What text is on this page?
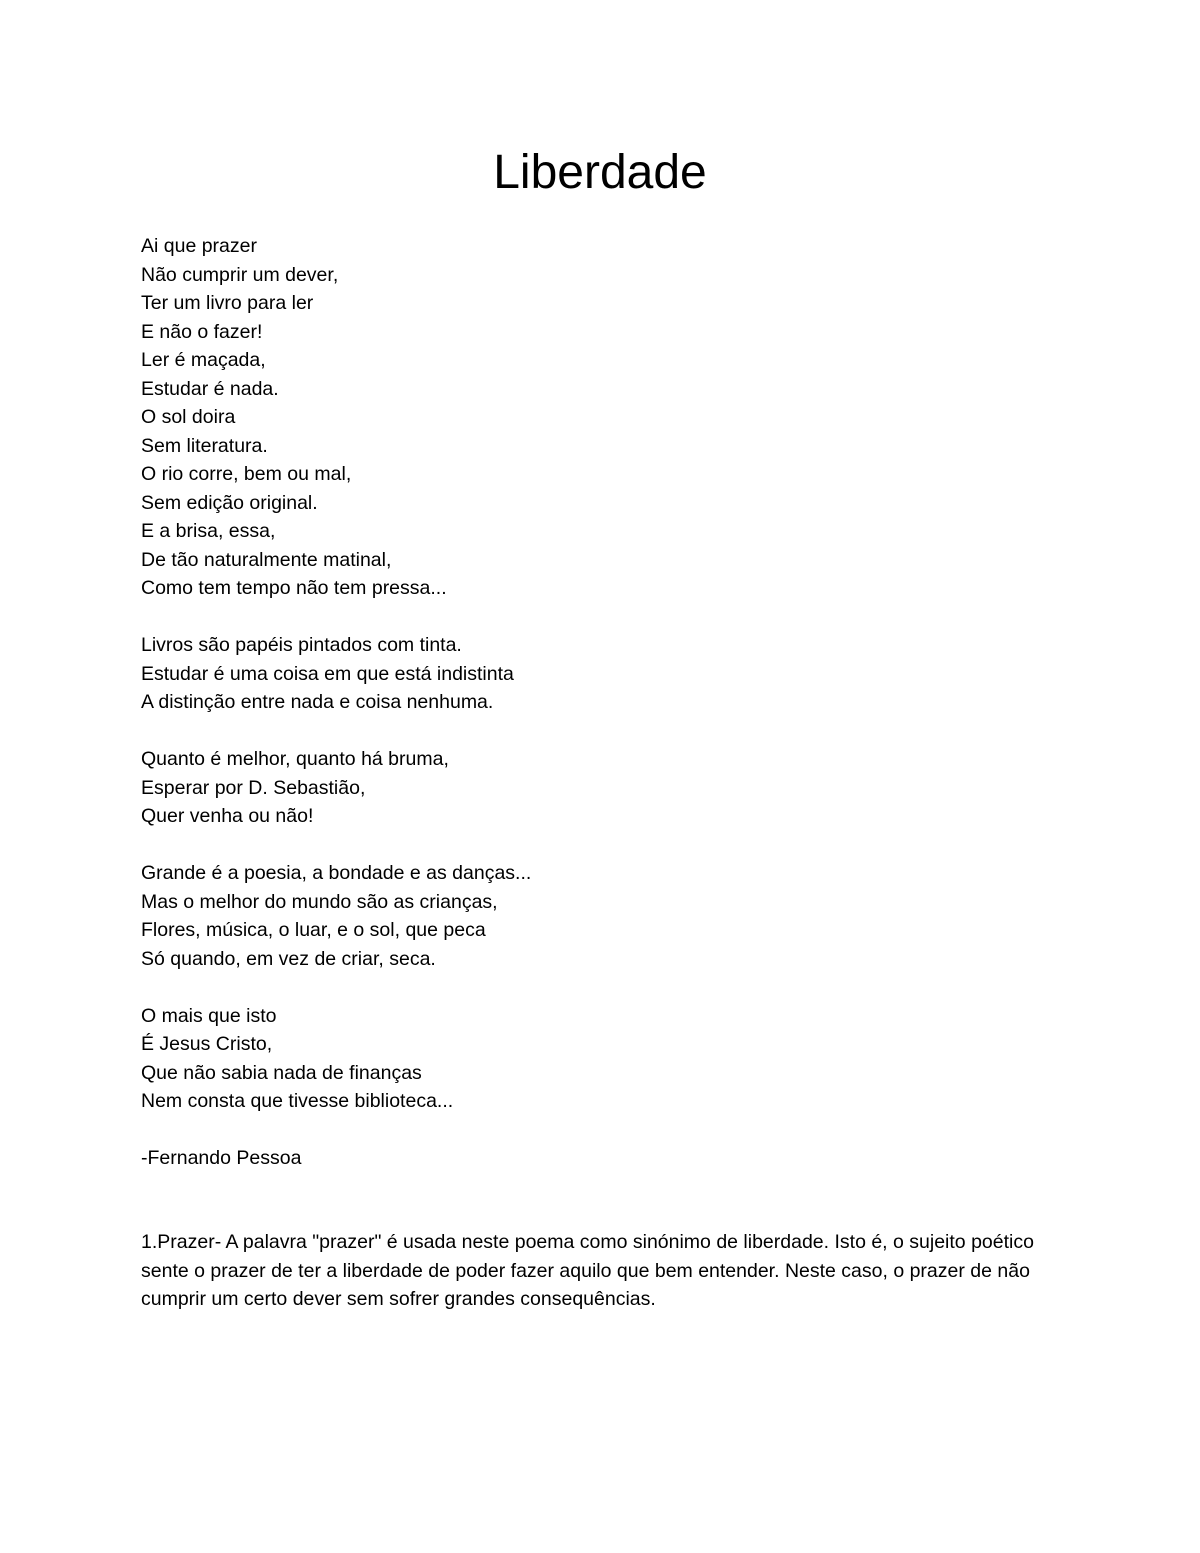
Liberdade
Ai que prazer
Não cumprir um dever,
Ter um livro para ler
E não o fazer!
Ler é maçada,
Estudar é nada.
O sol doira
Sem literatura.
O rio corre, bem ou mal,
Sem edição original.
E a brisa, essa,
De tão naturalmente matinal,
Como tem tempo não tem pressa...
Livros são papéis pintados com tinta.
Estudar é uma coisa em que está indistinta
A distinção entre nada e coisa nenhuma.
Quanto é melhor, quanto há bruma,
Esperar por D. Sebastião,
Quer venha ou não!
Grande é a poesia, a bondade e as danças...
Mas o melhor do mundo são as crianças,
Flores, música, o luar, e o sol, que peca
Só quando, em vez de criar, seca.
O mais que isto
É Jesus Cristo,
Que não sabia nada de finanças
Nem consta que tivesse biblioteca...
-Fernando Pessoa

1.Prazer- A palavra "prazer" é usada neste poema como sinónimo de liberdade. Isto é, o sujeito poético sente o prazer de ter a liberdade de poder fazer aquilo que bem entender. Neste caso, o prazer de não cumprir um certo dever sem sofrer grandes consequências.
